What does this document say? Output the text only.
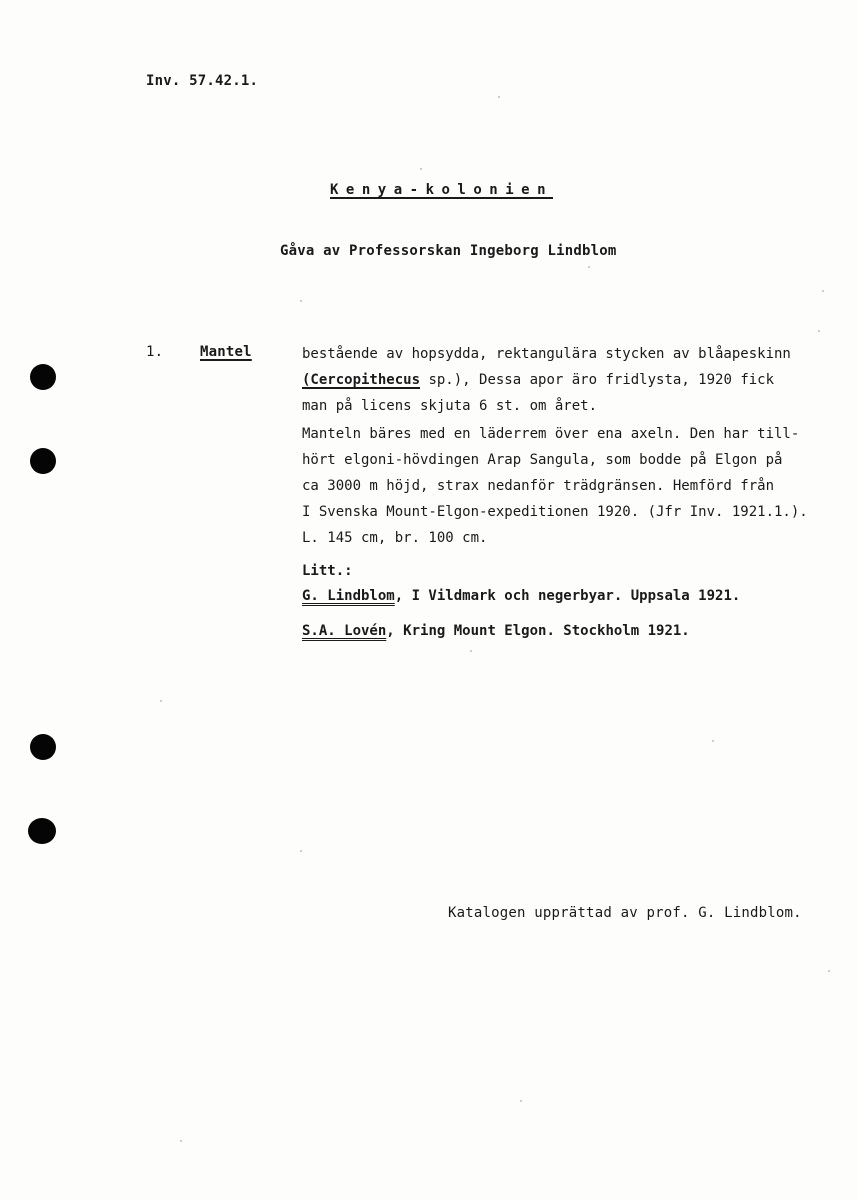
Inv. 57.42.1.
Kenya-kolonien
Gåva av Professorskan Ingeborg Lindblom
1.	Mantel	bestående av hopsydda, rektangulära stycken av blåapeskinn
(Cercopithecus sp.), Dessa apor äro fridlysta, 1920 fick
man på licens skjuta 6 st. om året.
Manteln bäres med en läderrem över ena axeln. Den har till-
hört elgoni-hövdingen Arap Sangula, som bodde på Elgon på
ca 3000 m höjd, strax nedanför trädgränsen. Hemförd från
I Svenska Mount-Elgon-expeditionen 1920. (Jfr Inv. 1921.1.).
L. 145 cm, br. 100 cm.
Litt.:
G. Lindblom, I Vildmark och negerbyar. Uppsala 1921.
S.A. Lovén, Kring Mount Elgon. Stockholm 1921.
Katalogen upprättad av prof. G. Lindblom.
